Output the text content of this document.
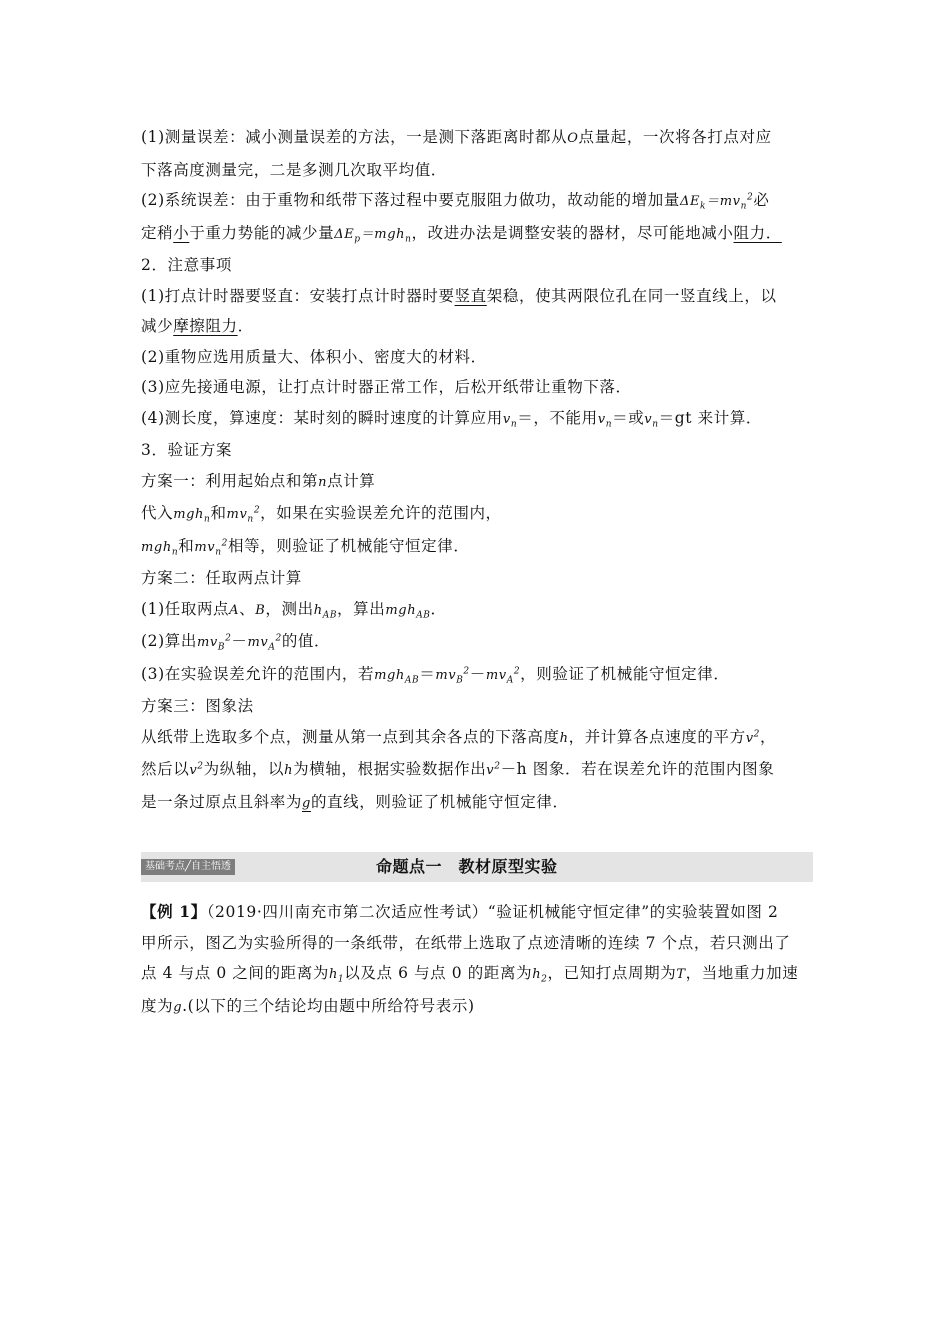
(1)测量误差：减小测量误差的方法，一是测下落距离时都从O点量起，一次将各打点对应

下落高度测量完，二是多测几次取平均值．

(2)系统误差：由于重物和纸带下落过程中要克服阻力做功，故动能的增加量$\Delta E_k=mv_n^2$必

定稍小于重力势能的减少量$\Delta E_p=mgh_n$，改进办法是调整安装的器材，尽可能地减小阻力．

2．注意事项

(1)打点计时器要竖直：安装打点计时器时要竖直架稳，使其两限位孔在同一竖直线上，以

减少摩擦阻力．

(2)重物应选用质量大、体积小、密度大的材料．

(3)应先接通电源，让打点计时器正常工作，后松开纸带让重物下落．

(4)测长度，算速度：某时刻的瞬时速度的计算应用$v_n=$，不能用$v_n=$或$v_n=gt$ 来计算．

3．验证方案

方案一：利用起始点和第n点计算

代入mgh$_n$和$mv_n^2$，如果在实验误差允许的范围内，

mgh$_n$和$mv_n^2$相等，则验证了机械能守恒定律．

方案二：任取两点计算

(1)任取两点A、B，测出$h_{AB}$，算出mgh$_{AB}$．

(2)算出$mv_B^2-mv_A^2$的值．

(3)在实验误差允许的范围内，若$mgh_{AB}=mv_B^2-mv_A^2$，则验证了机械能守恒定律．

方案三：图象法

从纸带上选取多个点，测量从第一点到其余各点的下落高度h，并计算各点速度的平方$v^2$，

然后以$v^2$为纵轴，以h为横轴，根据实验数据作出$v^2-h$ 图象．若在误差允许的范围内图象

是一条过原点且斜率为g的直线，则验证了机械能守恒定律．

基础考点╱自主悟透	命题点一　教材原型实验

【例 1】（2019·四川南充市第二次适应性考试）“验证机械能守恒定律”的实验装置如图 2

甲所示，图乙为实验所得的一条纸带，在纸带上选取了点迹清晰的连续 7 个点，若只测出了

点 4 与点 0 之间的距离为$h_1$以及点 6 与点 0 的距离为$h_2$，已知打点周期为T，当地重力加速

度为g.(以下的三个结论均由题中所给符号表示)
